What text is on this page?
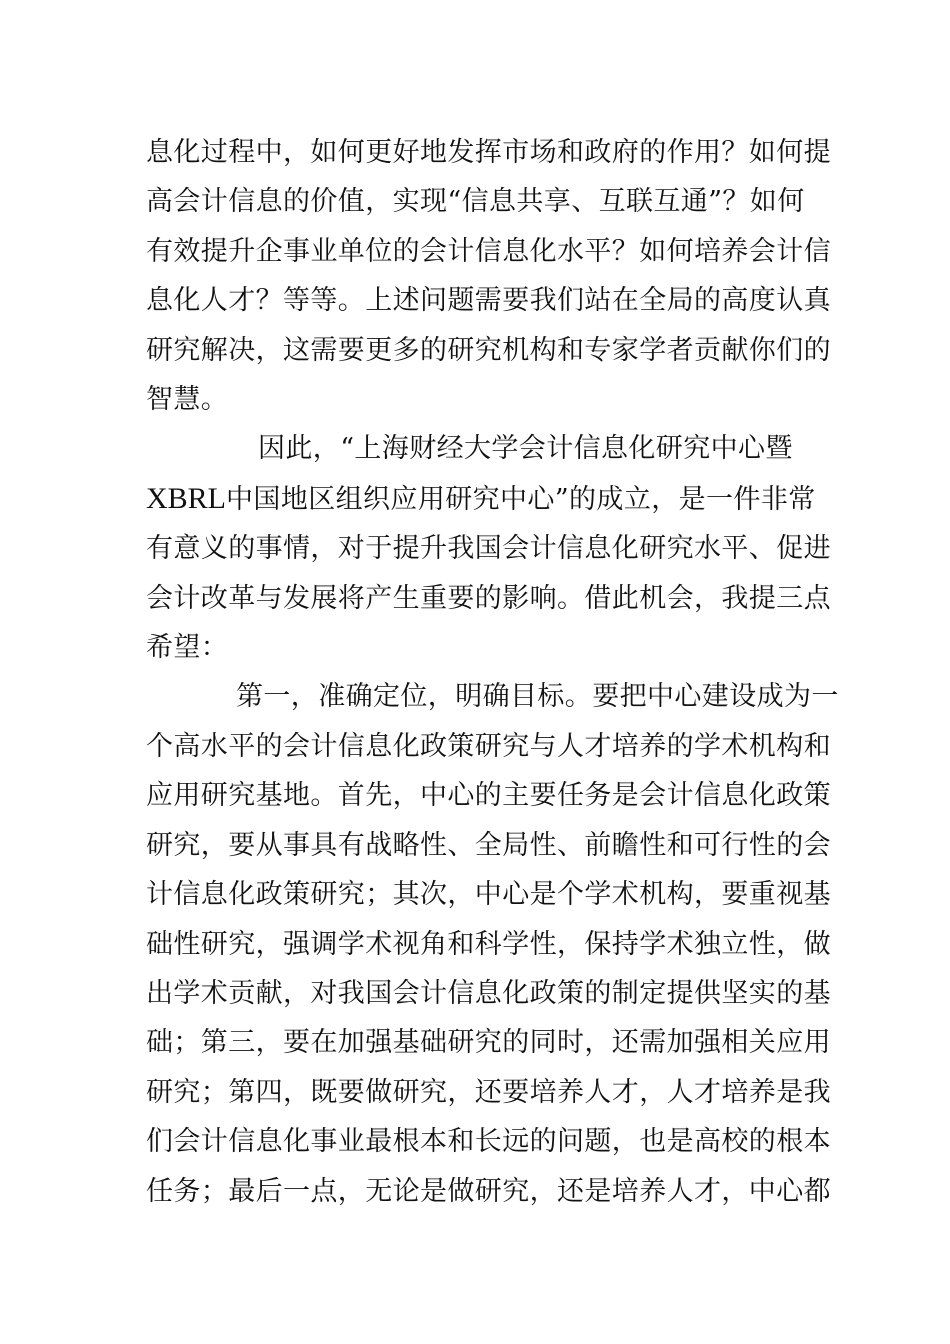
息化过程中，如何更好地发挥市场和政府的作用？如何提
高会计信息的价值，实现“信息共享、互联互通”？如何
有效提升企事业单位的会计信息化水平？如何培养会计信
息化人才？等等。上述问题需要我们站在全局的高度认真
研究解决，这需要更多的研究机构和专家学者贡献你们的
智慧。

因此，“上海财经大学会计信息化研究中心暨
XBRL中国地区组织应用研究中心”的成立，是一件非常
有意义的事情，对于提升我国会计信息化研究水平、促进
会计改革与发展将产生重要的影响。借此机会，我提三点
希望：

第一，准确定位，明确目标。要把中心建设成为一
个高水平的会计信息化政策研究与人才培养的学术机构和
应用研究基地。首先，中心的主要任务是会计信息化政策
研究，要从事具有战略性、全局性、前瞻性和可行性的会
计信息化政策研究；其次，中心是个学术机构，要重视基
础性研究，强调学术视角和科学性，保持学术独立性，做
出学术贡献，对我国会计信息化政策的制定提供坚实的基
础；第三，要在加强基础研究的同时，还需加强相关应用
研究；第四，既要做研究，还要培养人才，人才培养是我
们会计信息化事业最根本和长远的问题，也是高校的根本
任务；最后一点，无论是做研究，还是培养人才，中心都
